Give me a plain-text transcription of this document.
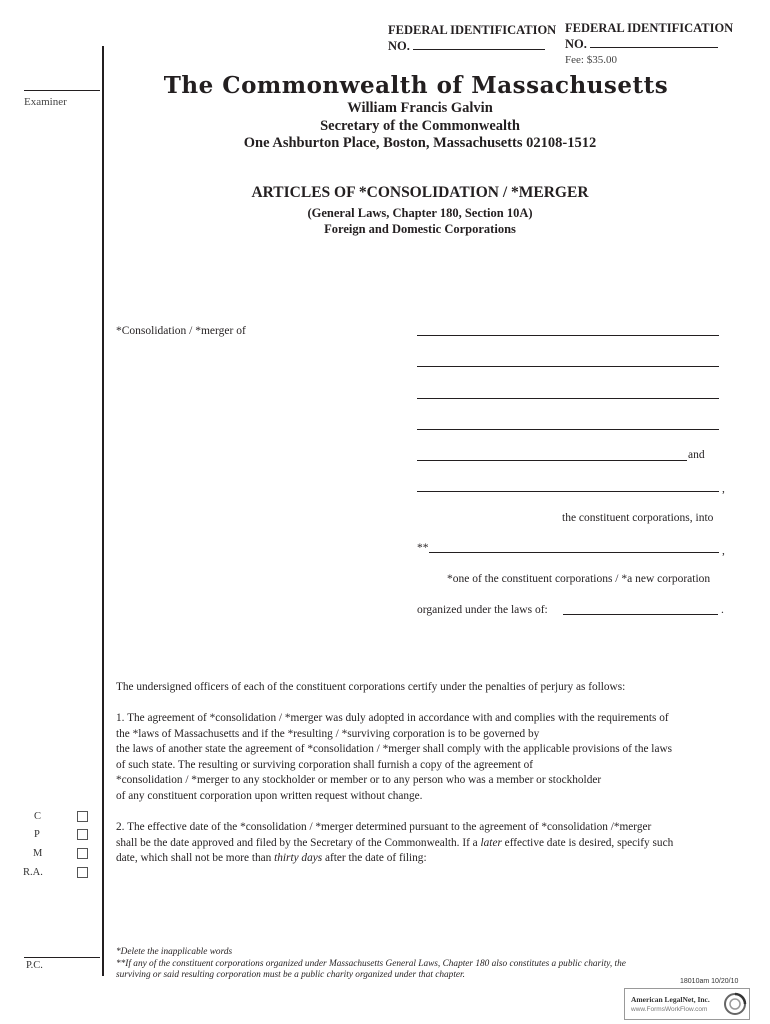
FEDERAL IDENTIFICATION
NO.
FEDERAL IDENTIFICATION
NO.
Fee: $35.00
Examiner
The Commonwealth of Massachusetts
William Francis Galvin
Secretary of the Commonwealth
One Ashburton Place, Boston, Massachusetts 02108-1512
ARTICLES OF *CONSOLIDATION / *MERGER
(General Laws, Chapter 180, Section 10A)
Foreign and Domestic Corporations
*Consolidation / *merger of
and
,
the constituent corporations, into
**	,
*one of the constituent corporations / *a new corporation
organized under the laws of:	.
The undersigned officers of each of the constituent corporations certify under the penalties of perjury as follows:
1. The agreement of *consolidation / *merger was duly adopted in accordance with and complies with the requirements of
the *laws of Massachusetts and if the *resulting / *surviving corporation is to be governed by
the laws of another state the agreement of *consolidation / *merger shall comply with the applicable provisions of the laws
of such state. The resulting or surviving corporation shall furnish a copy of the agreement of
*consolidation / *merger to any stockholder or member or to any person who was a member or stockholder
of any constituent corporation upon written request without change.
2. The effective date of the *consolidation / *merger determined pursuant to the agreement of *consolidation /*merger
shall be the date approved and filed by the Secretary of the Commonwealth. If a later effective date is desired, specify such
date, which shall not be more than thirty days after the date of filing:
C
P
M
R.A.
P.C.
*Delete the inapplicable words
**If any of the constituent corporations organized under Massachusetts General Laws, Chapter 180 also constitutes a public charity, the
surviving or said resulting corporation must be a public charity organized under that chapter.
18010am 10/20/10
American LegalNet, Inc.
www.FormsWorkFlow.com
